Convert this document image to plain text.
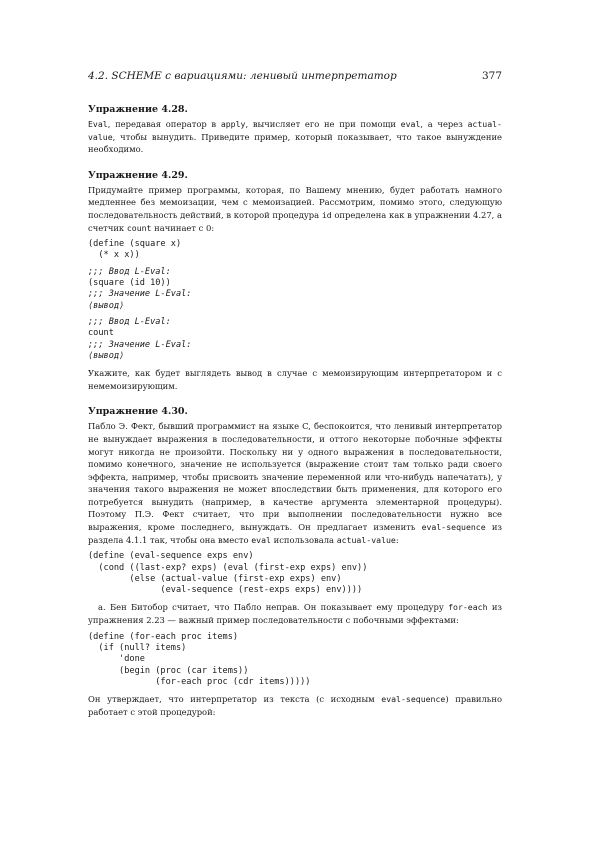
4.2. SCHEME с вариациями: ленивый интерпретатор	377
Упражнение 4.28.

Eval, передавая оператор в apply, вычисляет его не при помощи eval, а через actual-value, чтобы вынудить. Приведите пример, который показывает, что такое вынуждение необходимо.

Упражнение 4.29.

Придумайте пример программы, которая, по Вашему мнению, будет работать намного медленнее без мемоизации, чем с мемоизацией. Рассмотрим, помимо этого, следующую последовательность действий, в которой процедура id определена как в упражнении 4.27, а счетчик count начинает с 0:

(define (square x)
(* x x))
;;; Ввод L-Eval:
(square (id 10))
;;; Значение L-Eval:
⟨вывод⟩
;;; Ввод L-Eval:
count
;;; Значение L-Eval:
⟨вывод⟩

Укажите, как будет выглядеть вывод в случае с мемоизирующим интерпретатором и с немемоизирующим.

Упражнение 4.30.

Пабло Э. Фект, бывший программист на языке C, беспокоится, что ленивый интерпретатор не вынуждает выражения в последовательности, и оттого некоторые побочные эффекты могут никогда не произойти. Поскольку ни у одного выражения в последовательности, помимо конечного, значение не используется (выражение стоит там только ради своего эффекта, например, чтобы присвоить значение переменной или что-нибудь напечатать), у значения такого выражения не может впоследствии быть применения, для которого его потребуется вынудить (например, в качестве аргумента элементарной процедуры). Поэтому П.Э. Фект считает, что при выполнении последовательности нужно все выражения, кроме последнего, вынуждать. Он предлагает изменить eval-sequence из раздела 4.1.1 так, чтобы она вместо eval использовала actual-value:

(define (eval-sequence exps env)
(cond ((last-exp? exps) (eval (first-exp exps) env))
(else (actual-value (first-exp exps) env)
(eval-sequence (rest-exps exps) env))))

a. Бен Битобор считает, что Пабло неправ. Он показывает ему процедуру for-each из упражнения 2.23 — важный пример последовательности с побочными эффектами:

(define (for-each proc items)
(if (null? items)
'done
(begin (proc (car items))
(for-each proc (cdr items)))))

Он утверждает, что интерпретатор из текста (с исходным eval-sequence) правильно работает с этой процедурой:
